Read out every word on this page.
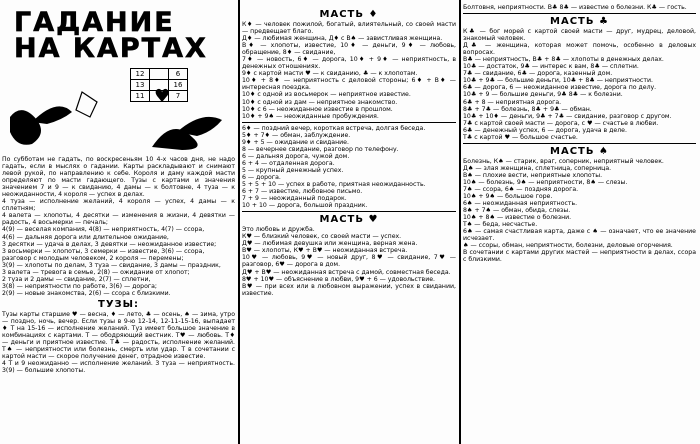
ГАДАНИЕ
НА КАРТАХ
♥
12		6
13		16
11		7

По субботам не гадать, по воскресеньям 10 4-х часов дня, не надо гадать, если в мыслях о гадании. Карты раскладывают и снимают левой рукой, по направлению к себе. Короля и даму каждой масти определяют по масти гадающего. Тузы с картами и значения значением 7 и 9 — к свиданию, 4 дамы — к болтовне, 4 туза — к неожиданности, 4 короля — успех в делах.

4 туза — исполнение желаний, 4 короля — успех, 4 дамы — к сплетням;
4 валета — хлопоты, 4 десятки — изменения в жизни, 4 девятки — радость, 4 восьмерки — печаль;
4(9) — веселая компания, 4(8) — неприятность, 4(7) — ссора,
4(6) — дальняя дорога или длительное ожидание,
3 десятки — удача в делах, 3 девятки — неожиданное известие;
3 восьмерки — хлопоты, 3 семерки — известие, 3(6) — ссора,
разговор с молодым человеком, 2 короля — перемены;
3(9) — хлопоты по делам, 3 туза — свидание, 3 дамы — праздник,
3 валета — тревога в семье, 2(8) — ожидание от хлопот;
2 туза и 2 дамы — свидание, 2(7) — сплетни,
3(8) — неприятности по работе, 3(6) — дорога;
2(9) — новые знакомства, 2(6) — ссора с близкими.
ТУЗЫ:

Тузы карты старшие ♥ — весна, ♦ — лето, ♣ — осень, ♠ — зима, утро — поздно, ночь, вечер. Если тузы в 9-ю 12-14, 12-11-15-16, выпадает ♦ Т на 15-16 — исполнение желаний. Туз имеет большое значение в комбинациях с картами. Т — ободряющий вестник. Т♥ — любовь. Т♦ — деньги и приятное известие. Т♣ — радость, исполнение желаний. Т♠ — неприятности или болезнь, смерть или удар. Т в сочетании с картой масти — скорое получение денег, отрадное известие.

4 Т и 9 неожиданно — исполнение желаний. 3 туза — неприятность. 3(9) — большие хлопоты.

МАСТЬ ♦
К♦ — человек пожилой, богатый, влиятельный, со своей масти — предвещает благо.
Д♦ — любимая женщина, Д♦ с В♠ — завистливая женщина.
В♦ — хлопоты, известие, 10♦ — деньги, 9♦ — любовь, обращение, 8♦ — свидание,
7♦ — новость, 6♦ — дорога, 10♦ + 9♦ — неприятность, в денежных отношениях.
9♦ с картой масти ♥ — к свиданию, ♣ — к хлопотам.
10♦ + 8♦ — неприятность с деловой стороны; 6♦ + В♦ — интересная поездка.
10♦ с одной из восьмерок — неприятное известие.
10♦ с одной из дам — неприятное знакомство.
10♦ с 6 — неожиданное известие в прошлом.
10♦ + 9♠ — неожиданные пробуждения.
6♦ — поздний вечер, короткая встреча, долгая беседа.
5♦ + 7♦ — обман, заблуждение.
9♦ + 5 — ожидание и свидание.
8 — вечернее свидание, разговор по телефону.
6 — дальняя дорога, чужой дом.
6 + 4 — отдаленная дорога.
5 — крупный денежный успех.
6 — дорога.
5 + 5 + 10 — успех в работе, приятная неожиданность.
6 + 7 — известие, любовное письмо.
7 + 9 — неожиданный подарок.
10 + 10 — дорога, большой праздник.
МАСТЬ ♥
Это любовь и дружба.
К♥ — близкий человек, со своей масти — успех.
Д♥ — любимая девушка или женщина, верная жена.
В♥ — хлопоты, К♥ + В♥ — неожиданная встреча.
10♥ — любовь, 9♥ — новый друг, 8♥ — свидание, 7♥ — разговор, 6♥ — дорога в дом.
Д♥ + В♥ — неожиданная встреча с дамой, совместная беседа.
8♥ + 10♥ — объяснение в любви, 9♥ + 6 — удовольствие.
В♥ — при всех или в любовном выражении, успех в свидании, известие.
Болтовня, неприятности. В♣ 8♣ — известие о болезни. К♣ — гость.
МАСТЬ ♣
К♣ — бог морей с картой своей масти — друг, мудрец, деловой, знакомый человек.
Д♣ — женщина, которая может помочь, особенно в деловых вопросах.
В♣ — неприятность, В♣ + 8♣ — хлопоты в денежных делах.
10♣ — достаток, 9♣ — интерес к вам, 8♣ — сплетни.
7♣ — свидание, 6♣ — дорога, казенный дом.
10♣ + 9♣ — большие деньги, 10♣ + 8♣ — неприятности.
6♣ — дорога, 6 — неожиданное известие, дорога по делу.
10♣ + 9 — большие деньги, 9♣ 8♣ — к болезни.
6♣ + 8 — неприятная дорога.
8♣ + 7♣ — болезнь, 8♣ + 9♣ — обман.
10♣ + 10♦ — деньги, 9♣ + 7♣ — свидание, разговор с другом.
7♣ с картой своей масти — дорога, с ♥ — счастье в любви.
6♣ — денежный успех, 6 — дорога, удача в деле.
Т♣ с картой ♥ — большое счастье.
МАСТЬ ♠
Болезнь, К♠ — старик, враг, соперник, неприятный человек.
Д♠ — злая женщина, сплетница, соперница.
В♠ — плохие вести, неприятные хлопоты.
10♠ — болезнь, 9♠ — неприятности, 8♠ — слезы.
7♠ — ссора, 6♠ — поздняя дорога.
10♠ + 9♠ — большое горе.
6♠ — неожиданная неприятность.
8♠ + 7♠ — обман, обида, слезы.
10♠ + 8♠ — известие о болезни.
Т♠ — беда, несчастье.
6♠ — самая счастливая карта, даже с ♠ — означает, что ее значение исчезает.
♠ — ссоры, обман, неприятности, болезни, деловые огорчения.
В сочетании с картами других мастей — неприятности в делах, ссора с близкими.
